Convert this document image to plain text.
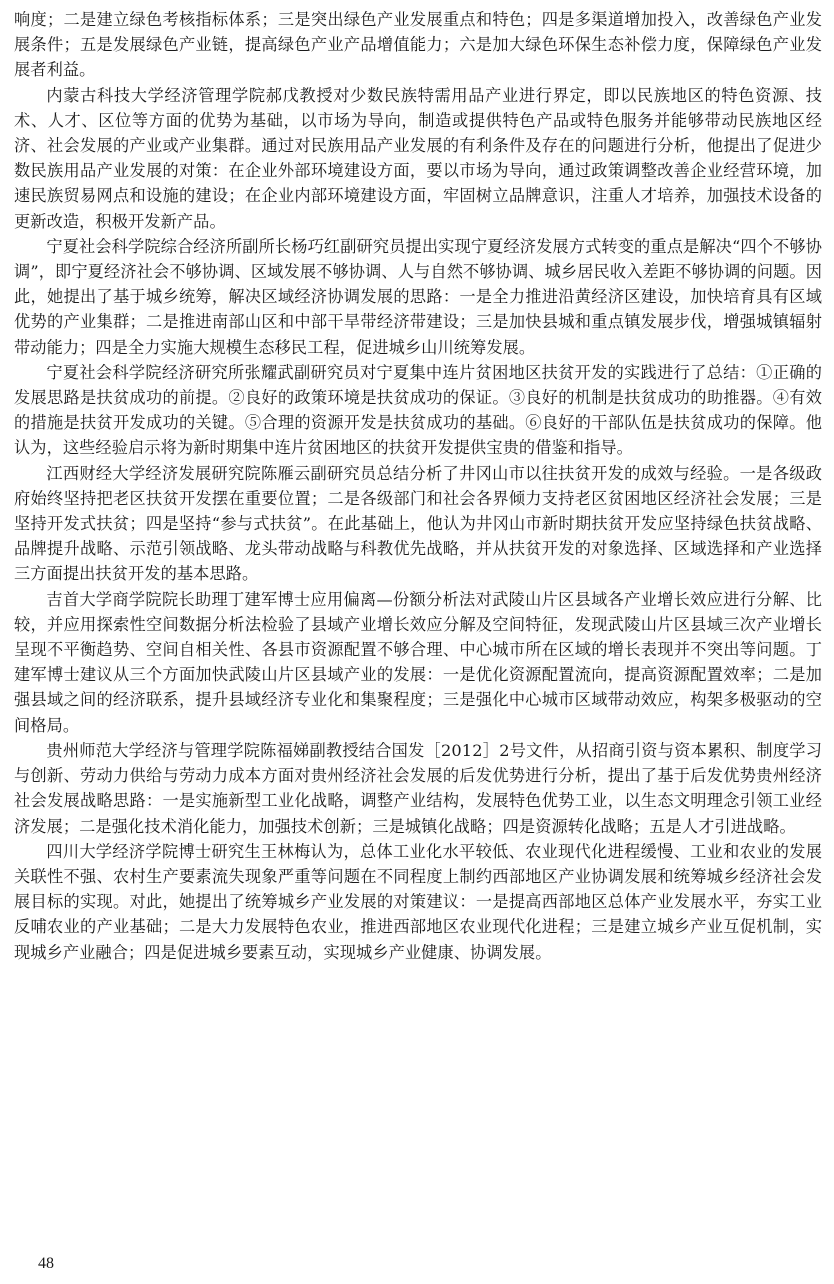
响度；二是建立绿色考核指标体系；三是突出绿色产业发展重点和特色；四是多渠道增加投入，改善绿色产业发展条件；五是发展绿色产业链，提高绿色产业产品增值能力；六是加大绿色环保生态补偿力度，保障绿色产业发展者利益。

内蒙古科技大学经济管理学院郝戊教授对少数民族特需用品产业进行界定，即以民族地区的特色资源、技术、人才、区位等方面的优势为基础，以市场为导向，制造或提供特色产品或特色服务并能够带动民族地区经济、社会发展的产业或产业集群。通过对民族用品产业发展的有利条件及存在的问题进行分析，他提出了促进少数民族用品产业发展的对策：在企业外部环境建设方面，要以市场为导向，通过政策调整改善企业经营环境，加速民族贸易网点和设施的建设；在企业内部环境建设方面，牢固树立品牌意识，注重人才培养，加强技术设备的更新改造，积极开发新产品。

宁夏社会科学院综合经济所副所长杨巧红副研究员提出实现宁夏经济发展方式转变的重点是解决“四个不够协调”，即宁夏经济社会不够协调、区域发展不够协调、人与自然不够协调、城乡居民收入差距不够协调的问题。因此，她提出了基于城乡统筹，解决区域经济协调发展的思路：一是全力推进沿黄经济区建设，加快培育具有区域优势的产业集群；二是推进南部山区和中部干旱带经济带建设；三是加快县城和重点镇发展步伐，增强城镇辐射带动能力；四是全力实施大规模生态移民工程，促进城乡山川统筹发展。

宁夏社会科学院经济研究所张耀武副研究员对宁夏集中连片贫困地区扶贫开发的实践进行了总结：①正确的发展思路是扶贫成功的前提。②良好的政策环境是扶贫成功的保证。③良好的机制是扶贫成功的助推器。④有效的措施是扶贫开发成功的关键。⑤合理的资源开发是扶贫成功的基础。⑥良好的干部队伍是扶贫成功的保障。他认为，这些经验启示将为新时期集中连片贫困地区的扶贫开发提供宝贵的借鉴和指导。

江西财经大学经济发展研究院陈雁云副研究员总结分析了井冈山市以往扶贫开发的成效与经验。一是各级政府始终坚持把老区扶贫开发摆在重要位置；二是各级部门和社会各界倾力支持老区贫困地区经济社会发展；三是坚持开发式扶贫；四是坚持“参与式扶贫”。在此基础上，他认为井冈山市新时期扶贫开发应坚持绿色扶贫战略、品牌提升战略、示范引领战略、龙头带动战略与科教优先战略，并从扶贫开发的对象选择、区域选择和产业选择三方面提出扶贫开发的基本思路。

吉首大学商学院院长助理丁建军博士应用偏离—份额分析法对武陵山片区县域各产业增长效应进行分解、比较，并应用探索性空间数据分析法检验了县域产业增长效应分解及空间特征，发现武陵山片区县域三次产业增长呈现不平衡趋势、空间自相关性、各县市资源配置不够合理、中心城市所在区域的增长表现并不突出等问题。丁建军博士建议从三个方面加快武陵山片区县域产业的发展：一是优化资源配置流向，提高资源配置效率；二是加强县域之间的经济联系，提升县域经济专业化和集聚程度；三是强化中心城市区域带动效应，构架多极驱动的空间格局。

贵州师范大学经济与管理学院陈福娣副教授结合国发［2012］2号文件，从招商引资与资本累积、制度学习与创新、劳动力供给与劳动力成本方面对贵州经济社会发展的后发优势进行分析，提出了基于后发优势贵州经济社会发展战略思路：一是实施新型工业化战略，调整产业结构，发展特色优势工业，以生态文明理念引领工业经济发展；二是强化技术消化能力，加强技术创新；三是城镇化战略；四是资源转化战略；五是人才引进战略。

四川大学经济学院博士研究生王林梅认为，总体工业化水平较低、农业现代化进程缓慢、工业和农业的发展关联性不强、农村生产要素流失现象严重等问题在不同程度上制约西部地区产业协调发展和统筹城乡经济社会发展目标的实现。对此，她提出了统筹城乡产业发展的对策建议：一是提高西部地区总体产业发展水平，夯实工业反哺农业的产业基础；二是大力发展特色农业，推进西部地区农业现代化进程；三是建立城乡产业互促机制，实现城乡产业融合；四是促进城乡要素互动，实现城乡产业健康、协调发展。

48
